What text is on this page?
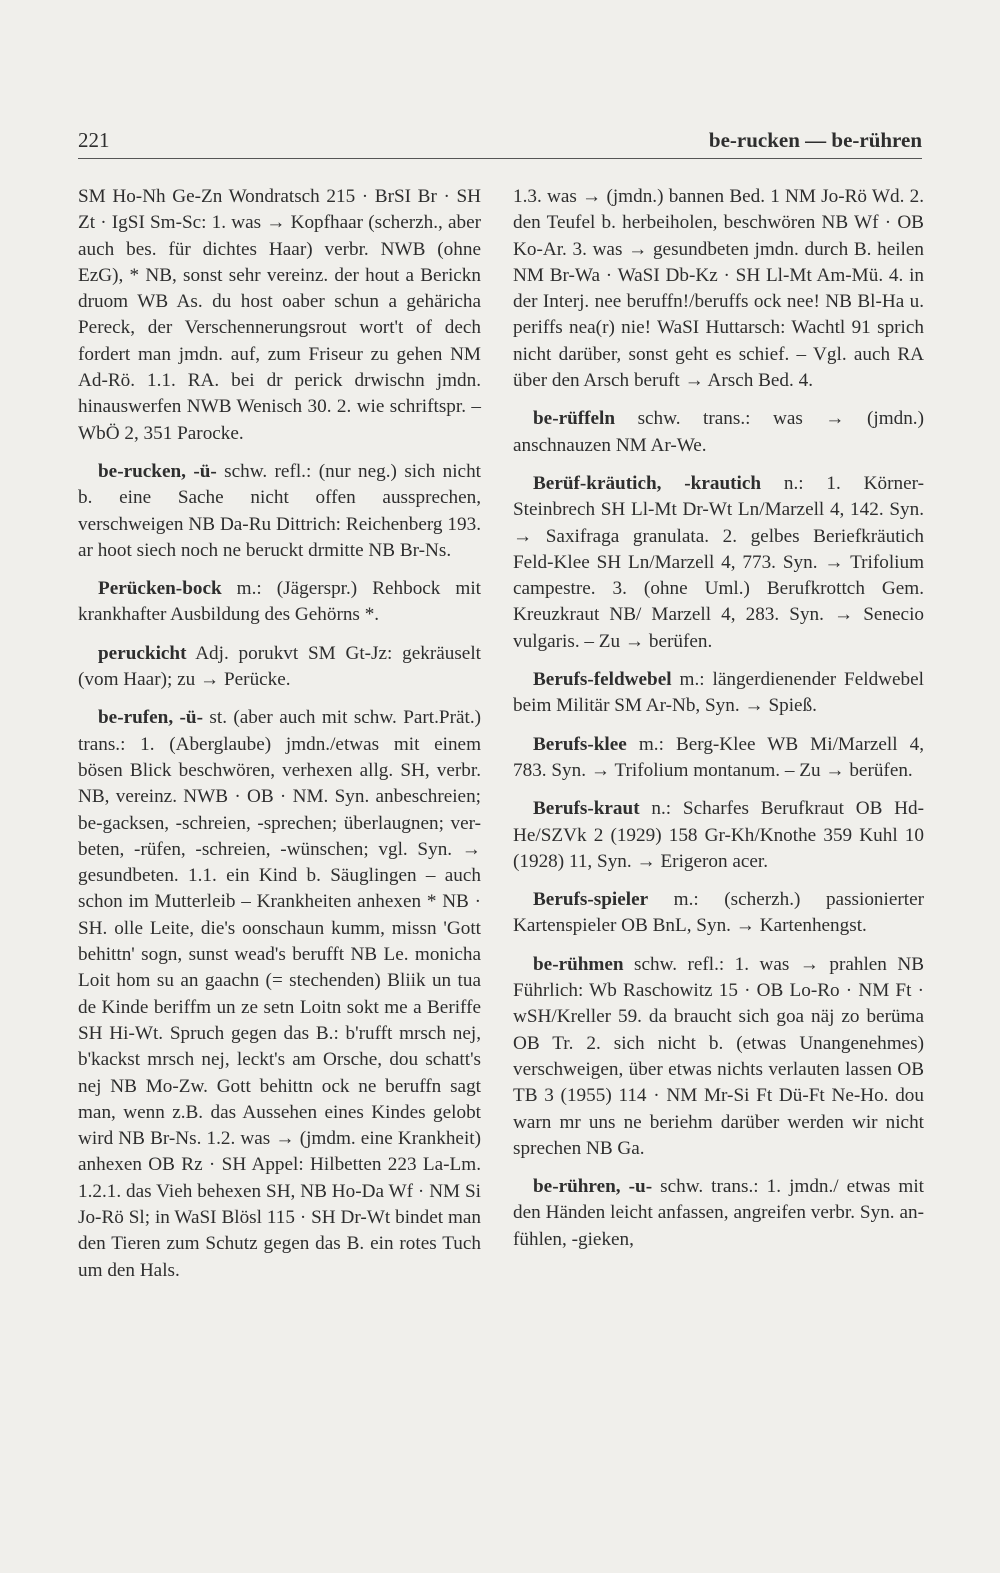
221	be-rucken — be-rühren

SM Ho-Nh Ge-Zn Wondratsch 215 · BrSI Br · SH Zt · IgSI Sm-Sc: 1. was → Kopfhaar (scherzh., aber auch bes. für dichtes Haar) verbr. NWB (ohne EzG), * NB, sonst sehr vereinz. der hout a Berickn druom WB As. du host oaber schun a gehäricha Pereck, der Verschennerungsrout wort't of dech fordert man jmdn. auf, zum Friseur zu gehen NM Ad-Rö. 1.1. RA. bei dr perick drwischn jmdn. hinauswerfen NWB Wenisch 30. 2. wie schriftspr. – WbÖ 2, 351 Parocke.

be-rucken, -ü- schw. refl.: (nur neg.) sich nicht b. eine Sache nicht offen aussprechen, verschweigen NB Da-Ru Dittrich: Reichenberg 193. ar hoot siech noch ne beruckt drmitte NB Br-Ns.

Perücken-bock m.: (Jägerspr.) Rehbock mit krankhafter Ausbildung des Gehörns *.

peruckicht Adj. porukvt SM Gt-Jz: gekräuselt (vom Haar); zu → Perücke.

be-rufen, -ü- st. (aber auch mit schw. Part.Prät.) trans.: 1. (Aberglaube) jmdn./etwas mit einem bösen Blick beschwören, verhexen allg. SH, verbr. NB, vereinz. NWB · OB · NM. Syn. anbeschreien; be-gacksen, -schreien, -sprechen; überlaugnen; ver-beten, -rüfen, -schreien, -wünschen; vgl. Syn. → gesundbeten. 1.1. ein Kind b. Säuglingen – auch schon im Mutterleib – Krankheiten anhexen * NB · SH. olle Leite, die's oonschaun kumm, missn 'Gott behittn' sogn, sunst wead's berufft NB Le. monicha Loit hom su an gaachn (= stechenden) Bliik un tua de Kinde beriffm un ze setn Loitn sokt me a Beriffe SH Hi-Wt. Spruch gegen das B.: b'rufft mrsch nej, b'kackst mrsch nej, leckt's am Orsche, dou schatt's nej NB Mo-Zw. Gott behittn ock ne beruffn sagt man, wenn z.B. das Aussehen eines Kindes gelobt wird NB Br-Ns. 1.2. was → (jmdm. eine Krankheit) anhexen OB Rz · SH Appel: Hilbetten 223 La-Lm. 1.2.1. das Vieh behexen SH, NB Ho-Da Wf · NM Si Jo-Rö Sl; in WaSI Blösl 115 · SH Dr-Wt bindet man den Tieren zum Schutz gegen das B. ein rotes Tuch um den Hals.

1.3. was → (jmdn.) bannen Bed. 1 NM Jo-Rö Wd. 2. den Teufel b. herbeiholen, beschwören NB Wf · OB Ko-Ar. 3. was → gesundbeten jmdn. durch B. heilen NM Br-Wa · WaSI Db-Kz · SH Ll-Mt Am-Mü. 4. in der Interj. nee beruffn!/beruffs ock nee! NB Bl-Ha u. periffs nea(r) nie! WaSI Huttarsch: Wachtl 91 sprich nicht darüber, sonst geht es schief. – Vgl. auch RA über den Arsch beruft → Arsch Bed. 4.

be-rüffeln schw. trans.: was → (jmdn.) anschnauzen NM Ar-We.

Berüf-kräutich, -krautich n.: 1. Körner-Steinbrech SH Ll-Mt Dr-Wt Ln/Marzell 4, 142. Syn. → Saxifraga granulata. 2. gelbes Beriefkräutich Feld-Klee SH Ln/Marzell 4, 773. Syn. → Trifolium campestre. 3. (ohne Uml.) Berufkrottch Gem. Kreuzkraut NB/ Marzell 4, 283. Syn. → Senecio vulgaris. – Zu → berüfen.

Berufs-feldwebel m.: längerdienender Feldwebel beim Militär SM Ar-Nb, Syn. → Spieß.

Berufs-klee m.: Berg-Klee WB Mi/Marzell 4, 783. Syn. → Trifolium montanum. – Zu → berüfen.

Berufs-kraut n.: Scharfes Berufkraut OB Hd-He/SZVk 2 (1929) 158 Gr-Kh/Knothe 359 Kuhl 10 (1928) 11, Syn. → Erigeron acer.

Berufs-spieler m.: (scherzh.) passionierter Kartenspieler OB BnL, Syn. → Kartenhengst.

be-rühmen schw. refl.: 1. was → prahlen NB Führlich: Wb Raschowitz 15 · OB Lo-Ro · NM Ft · wSH/Kreller 59. da braucht sich goa näj zo berüma OB Tr. 2. sich nicht b. (etwas Unangenehmes) verschweigen, über etwas nichts verlauten lassen OB TB 3 (1955) 114 · NM Mr-Si Ft Dü-Ft Ne-Ho. dou warn mr uns ne beriehm darüber werden wir nicht sprechen NB Ga.

be-rühren, -u- schw. trans.: 1. jmdn./ etwas mit den Händen leicht anfassen, angreifen verbr. Syn. an-fühlen, -gieken,
